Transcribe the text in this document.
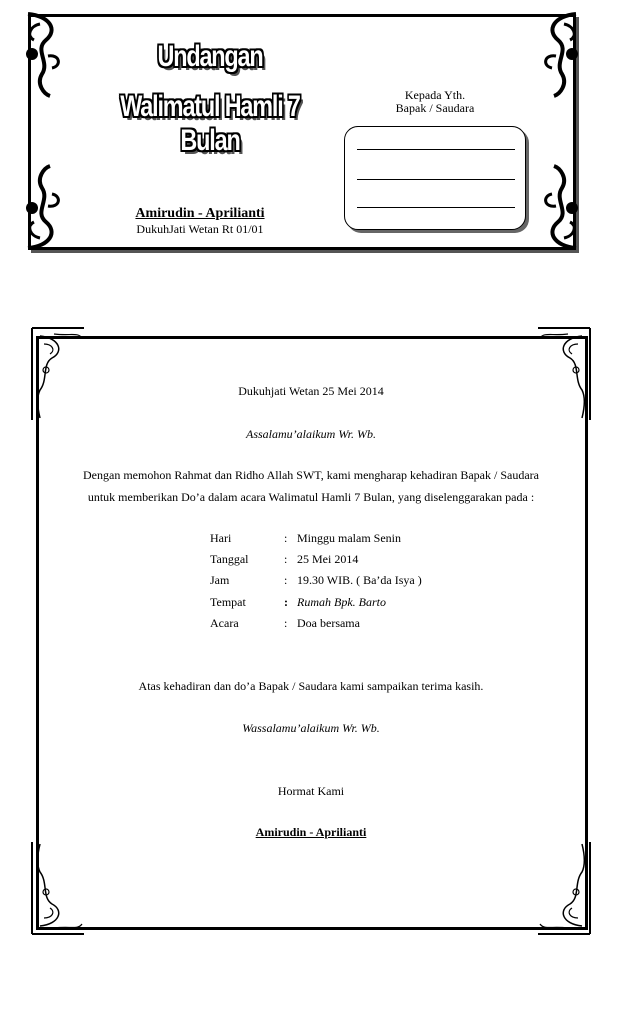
Undangan
Walimatul Hamli 7 Bulan
Kepada Yth.
Bapak / Saudara
Amirudin - Aprilianti
DukuhJati Wetan Rt 01/01
Dukuhjati Wetan 25 Mei 2014
Assalamu’alaikum Wr. Wb.
Dengan memohon Rahmat dan Ridho Allah SWT, kami mengharap kehadiran Bapak / Saudara
untuk memberikan Do’a dalam acara Walimatul Hamli 7 Bulan, yang diselenggarakan pada :
Hari	: Minggu malam Senin
Tanggal	: 25 Mei 2014
Jam	: 19.30 WIB. ( Ba’da Isya )
Tempat	: Rumah Bpk. Barto
Acara	: Doa bersama
Atas kehadiran dan do’a Bapak / Saudara kami sampaikan terima kasih.
Wassalamu’alaikum Wr. Wb.
Hormat Kami
Amirudin - Aprilianti
